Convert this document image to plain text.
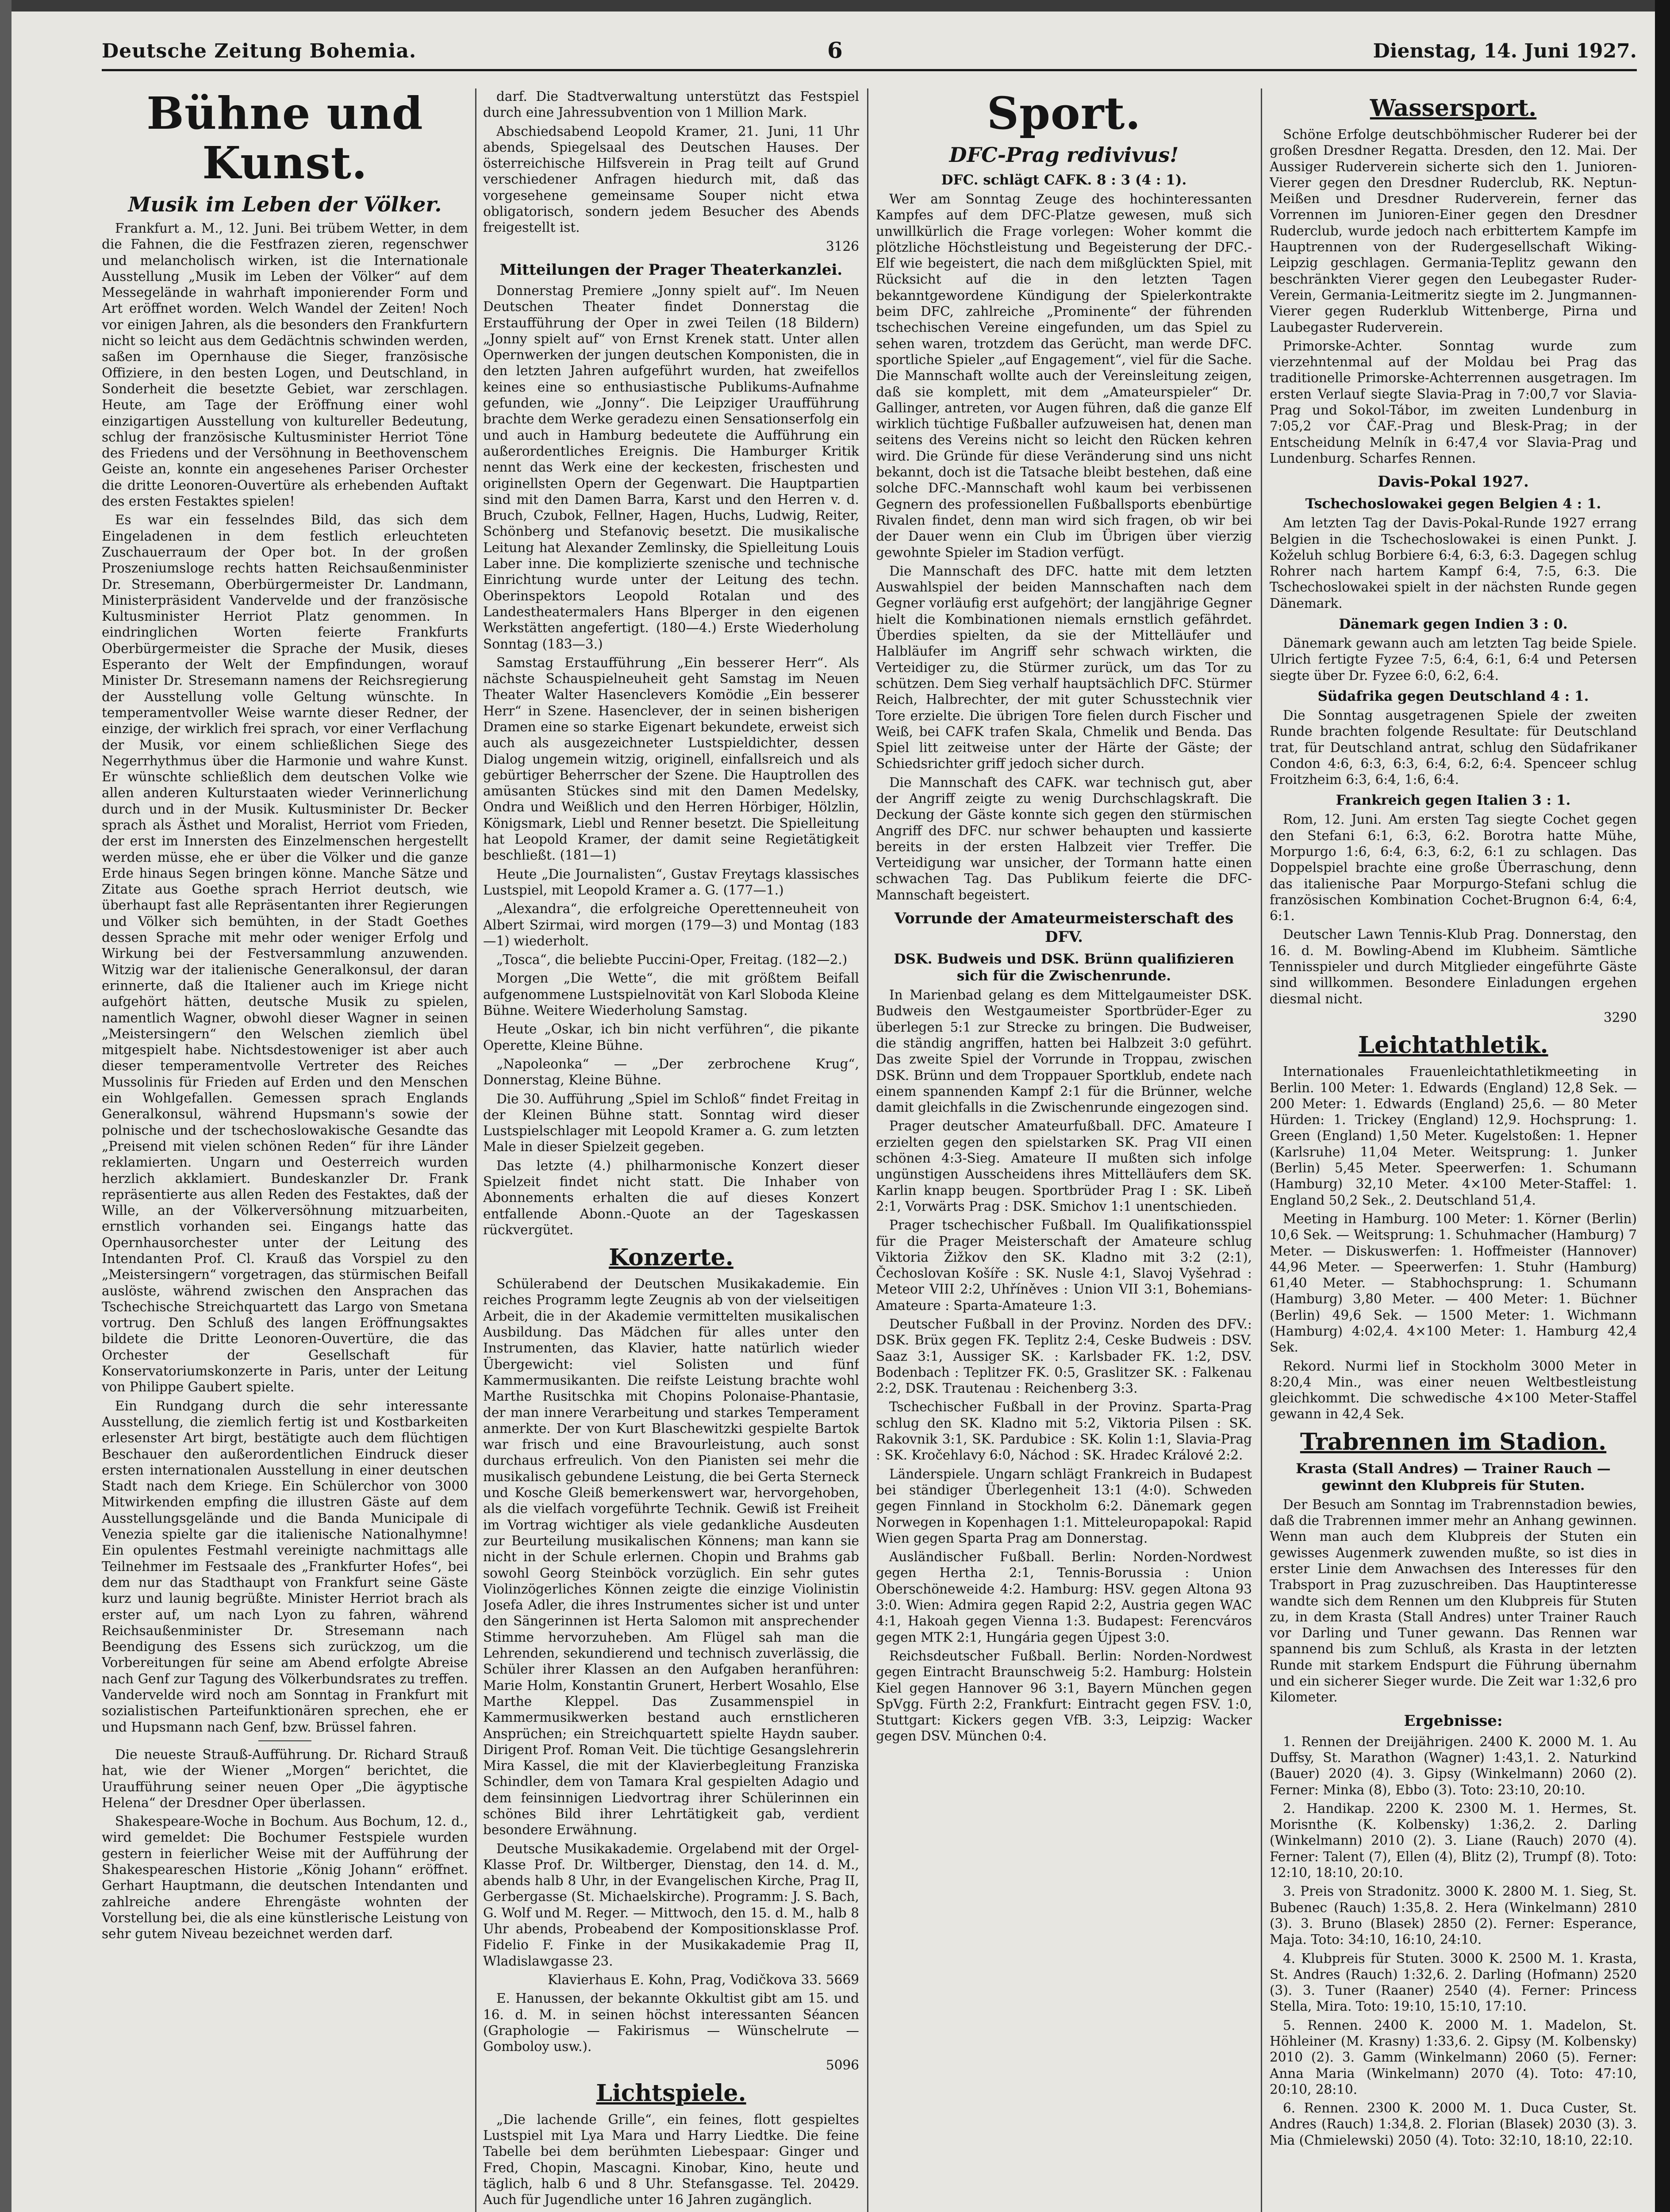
Deutsche Zeitung Bohemia.	6	Dienstag, 14. Juni 1927.
Bühne und Kunst.
Musik im Leben der Völker.

Frankfurt a. M., 12. Juni. Bei trübem Wetter, in dem die Fahnen, die die Festfrazen zieren, regenschwer und melancholisch wirken, ist die Internationale Ausstellung „Musik im Leben der Völker“ auf dem Messegelände in wahrhaft imponierender Form und Art eröffnet worden. Welch Wandel der Zeiten! Noch vor einigen Jahren, als die besonders den Frankfurtern nicht so leicht aus dem Gedächtnis schwinden werden, saßen im Opernhause die Sieger, französische Offiziere, in den besten Logen, und Deutschland, in Sonderheit die besetzte Gebiet, war zerschlagen. Heute, am Tage der Eröffnung einer wohl einzigartigen Ausstellung von kultureller Bedeutung, schlug der französische Kultusminister Herriot Töne des Friedens und der Versöhnung in Beethovenschem Geiste an, konnte ein angesehenes Pariser Orchester die dritte Leonoren-Ouvertüre als erhebenden Auftakt des ersten Festaktes spielen!

Es war ein fesselndes Bild, das sich dem Eingeladenen in dem festlich erleuchteten Zuschauerraum der Oper bot. In der großen Proszeniumsloge rechts hatten Reichsaußenminister Dr. Stresemann, Oberbürgermeister Dr. Landmann, Ministerpräsident Vandervelde und der französische Kultusminister Herriot Platz genommen. In eindringlichen Worten feierte Frankfurts Oberbürgermeister die Sprache der Musik, dieses Esperanto der Welt der Empfindungen, worauf Minister Dr. Stresemann namens der Reichsregierung der Ausstellung volle Geltung wünschte. In temperamentvoller Weise warnte dieser Redner, der einzige, der wirklich frei sprach, vor einer Verflachung der Musik, vor einem schließlichen Siege des Negerrhythmus über die Harmonie und wahre Kunst. Er wünschte schließlich dem deutschen Volke wie allen anderen Kulturstaaten wieder Verinnerlichung durch und in der Musik. Kultusminister Dr. Becker sprach als Ästhet und Moralist, Herriot vom Frieden, der erst im Innersten des Einzelmenschen hergestellt werden müsse, ehe er über die Völker und die ganze Erde hinaus Segen bringen könne. Manche Sätze und Zitate aus Goethe sprach Herriot deutsch, wie überhaupt fast alle Repräsentanten ihrer Regierungen und Völker sich bemühten, in der Stadt Goethes dessen Sprache mit mehr oder weniger Erfolg und Wirkung bei der Festversammlung anzuwenden. Witzig war der italienische Generalkonsul, der daran erinnerte, daß die Italiener auch im Kriege nicht aufgehört hätten, deutsche Musik zu spielen, namentlich Wagner, obwohl dieser Wagner in seinen „Meistersingern“ den Welschen ziemlich übel mitgespielt habe. Nichtsdestoweniger ist aber auch dieser temperamentvolle Vertreter des Reiches Mussolinis für Frieden auf Erden und den Menschen ein Wohlgefallen. Gemessen sprach Englands Generalkonsul, während Hupsmann's sowie der polnische und der tschechoslowakische Gesandte das „Preisend mit vielen schönen Reden“ für ihre Länder reklamierten. Ungarn und Oesterreich wurden herzlich akklamiert. Bundeskanzler Dr. Frank repräsentierte aus allen Reden des Festaktes, daß der Wille, an der Völkerversöhnung mitzuarbeiten, ernstlich vorhanden sei. Eingangs hatte das Opernhausorchester unter der Leitung des Intendanten Prof. Cl. Krauß das Vorspiel zu den „Meistersingern“ vorgetragen, das stürmischen Beifall auslöste, während zwischen den Ansprachen das Tschechische Streichquartett das Largo von Smetana vortrug. Den Schluß des langen Eröffnungsaktes bildete die Dritte Leonoren-Ouvertüre, die das Orchester der Gesellschaft für Konservatoriumskonzerte in Paris, unter der Leitung von Philippe Gaubert spielte.

Ein Rundgang durch die sehr interessante Ausstellung, die ziemlich fertig ist und Kostbarkeiten erlesenster Art birgt, bestätigte auch dem flüchtigen Beschauer den außerordentlichen Eindruck dieser ersten internationalen Ausstellung in einer deutschen Stadt nach dem Kriege. Ein Schülerchor von 3000 Mitwirkenden empfing die illustren Gäste auf dem Ausstellungsgelände und die Banda Municipale di Venezia spielte gar die italienische Nationalhymne! Ein opulentes Festmahl vereinigte nachmittags alle Teilnehmer im Festsaale des „Frankfurter Hofes“, bei dem nur das Stadthaupt von Frankfurt seine Gäste kurz und launig begrüßte. Minister Herriot brach als erster auf, um nach Lyon zu fahren, während Reichsaußenminister Dr. Stresemann nach Beendigung des Essens sich zurückzog, um die Vorbereitungen für seine am Abend erfolgte Abreise nach Genf zur Tagung des Völkerbundsrates zu treffen. Vandervelde wird noch am Sonntag in Frankfurt mit sozialistischen Parteifunktionären sprechen, ehe er und Hupsmann nach Genf, bzw. Brüssel fahren.

Die neueste Strauß-Aufführung. Dr. Richard Strauß hat, wie der Wiener „Morgen“ berichtet, die Uraufführung seiner neuen Oper „Die ägyptische Helena“ der Dresdner Oper überlassen.

Shakespeare-Woche in Bochum. Aus Bochum, 12. d., wird gemeldet: Die Bochumer Festspiele wurden gestern in feierlicher Weise mit der Aufführung der Shakespeareschen Historie „König Johann“ eröffnet. Gerhart Hauptmann, die deutschen Intendanten und zahlreiche andere Ehrengäste wohnten der Vorstellung bei, die als eine künstlerische Leistung von sehr gutem Niveau bezeichnet werden darf.

darf. Die Stadtverwaltung unterstützt das Festspiel durch eine Jahressubvention von 1 Million Mark.

Abschiedsabend Leopold Kramer, 21. Juni, 11 Uhr abends, Spiegelsaal des Deutschen Hauses. Der österreichische Hilfsverein in Prag teilt auf Grund verschiedener Anfragen hiedurch mit, daß das vorgesehene gemeinsame Souper nicht etwa obligatorisch, sondern jedem Besucher des Abends freigestellt ist.

3126
Mitteilungen der Prager Theaterkanzlei.

Donnerstag Premiere „Jonny spielt auf“. Im Neuen Deutschen Theater findet Donnerstag die Erstaufführung der Oper in zwei Teilen (18 Bildern) „Jonny spielt auf“ von Ernst Krenek statt. Unter allen Opernwerken der jungen deutschen Komponisten, die in den letzten Jahren aufgeführt wurden, hat zweifellos keines eine so enthusiastische Publikums-Aufnahme gefunden, wie „Jonny“. Die Leipziger Uraufführung brachte dem Werke geradezu einen Sensationserfolg ein und auch in Hamburg bedeutete die Aufführung ein außerordentliches Ereignis. Die Hamburger Kritik nennt das Werk eine der keckesten, frischesten und originellsten Opern der Gegenwart. Die Hauptpartien sind mit den Damen Barra, Karst und den Herren v. d. Bruch, Czubok, Fellner, Hagen, Huchs, Ludwig, Reiter, Schönberg und Stefanoviç besetzt. Die musikalische Leitung hat Alexander Zemlinsky, die Spielleitung Louis Laber inne. Die komplizierte szenische und technische Einrichtung wurde unter der Leitung des techn. Oberinspektors Leopold Rotalan und des Landestheatermalers Hans Blperger in den eigenen Werkstätten angefertigt. (180—4.) Erste Wiederholung Sonntag (183—3.)

Samstag Erstaufführung „Ein besserer Herr“. Als nächste Schauspielneuheit geht Samstag im Neuen Theater Walter Hasenclevers Komödie „Ein besserer Herr“ in Szene. Hasenclever, der in seinen bisherigen Dramen eine so starke Eigenart bekundete, erweist sich auch als ausgezeichneter Lustspieldichter, dessen Dialog ungemein witzig, originell, einfallsreich und als gebürtiger Beherrscher der Szene. Die Hauptrollen des amüsanten Stückes sind mit den Damen Medelsky, Ondra und Weißlich und den Herren Hörbiger, Hölzlin, Königsmark, Liebl und Renner besetzt. Die Spielleitung hat Leopold Kramer, der damit seine Regietätigkeit beschließt. (181—1)

Heute „Die Journalisten“, Gustav Freytags klassisches Lustspiel, mit Leopold Kramer a. G. (177—1.)

„Alexandra“, die erfolgreiche Operettenneuheit von Albert Szirmai, wird morgen (179—3) und Montag (183—1) wiederholt.

„Tosca“, die beliebte Puccini-Oper, Freitag. (182—2.)

Morgen „Die Wette“, die mit größtem Beifall aufgenommene Lustspielnovität von Karl Sloboda Kleine Bühne. Weitere Wiederholung Samstag.

Heute „Oskar, ich bin nicht verführen“, die pikante Operette, Kleine Bühne.

„Napoleonka“ — „Der zerbrochene Krug“, Donnerstag, Kleine Bühne.

Die 30. Aufführung „Spiel im Schloß“ findet Freitag in der Kleinen Bühne statt. Sonntag wird dieser Lustspielschlager mit Leopold Kramer a. G. zum letzten Male in dieser Spielzeit gegeben.

Das letzte (4.) philharmonische Konzert dieser Spielzeit findet nicht statt. Die Inhaber von Abonnements erhalten die auf dieses Konzert entfallende Abonn.-Quote an der Tageskassen rückvergütet.

Konzerte.

Schülerabend der Deutschen Musikakademie. Ein reiches Programm legte Zeugnis ab von der vielseitigen Arbeit, die in der Akademie vermittelten musikalischen Ausbildung. Das Mädchen für alles unter den Instrumenten, das Klavier, hatte natürlich wieder Übergewicht: viel Solisten und fünf Kammermusikanten. Die reifste Leistung brachte wohl Marthe Rusitschka mit Chopins Polonaise-Phantasie, der man innere Verarbeitung und starkes Temperament anmerkte. Der von Kurt Blaschewitzki gespielte Bartok war frisch und eine Bravourleistung, auch sonst durchaus erfreulich. Von den Pianisten sei mehr die musikalisch gebundene Leistung, die bei Gerta Sterneck und Kosche Gleiß bemerkenswert war, hervorgehoben, als die vielfach vorgeführte Technik. Gewiß ist Freiheit im Vortrag wichtiger als viele gedankliche Ausdeuten zur Beurteilung musikalischen Könnens; man kann sie nicht in der Schule erlernen. Chopin und Brahms gab sowohl Georg Steinböck vorzüglich. Ein sehr gutes Violinzögerliches Können zeigte die einzige Violinistin Josefa Adler, die ihres Instrumentes sicher ist und unter den Sängerinnen ist Herta Salomon mit ansprechender Stimme hervorzuheben. Am Flügel sah man die Lehrenden, sekundierend und technisch zuverlässig, die Schüler ihrer Klassen an den Aufgaben heranführen: Marie Holm, Konstantin Grunert, Herbert Wosahlo, Else Marthe Kleppel. Das Zusammenspiel in Kammermusikwerken bestand auch ernstlicheren Ansprüchen; ein Streichquartett spielte Haydn sauber. Dirigent Prof. Roman Veit. Die tüchtige Gesangslehrerin Mira Kassel, die mit der Klavierbegleitung Franziska Schindler, dem von Tamara Kral gespielten Adagio und dem feinsinnigen Liedvortrag ihrer Schülerinnen ein schönes Bild ihrer Lehrtätigkeit gab, verdient besondere Erwähnung.

Deutsche Musikakademie. Orgelabend mit der Orgel-Klasse Prof. Dr. Wiltberger, Dienstag, den 14. d. M., abends halb 8 Uhr, in der Evangelischen Kirche, Prag II, Gerbergasse (St. Michaelskirche). Programm: J. S. Bach, G. Wolf und M. Reger. — Mittwoch, den 15. d. M., halb 8 Uhr abends, Probeabend der Kompositionsklasse Prof. Fidelio F. Finke in der Musikakademie Prag II, Wladislawgasse 23.

Klavierhaus E. Kohn, Prag, Vodičkova 33. 5669

E. Hanussen, der bekannte Okkultist gibt am 15. und 16. d. M. in seinen höchst interessanten Séancen (Graphologie — Fakirismus — Wünschelrute — Gomboloy usw.).

5096
Lichtspiele.

„Die lachende Grille“, ein feines, flott gespieltes Lustspiel mit Lya Mara und Harry Liedtke. Die feine Tabelle bei dem berühmten Liebespaar: Ginger und Fred, Chopin, Mascagni. Kinobar, Kino, heute und täglich, halb 6 und 8 Uhr. Stefansgasse. Tel. 20429. Auch für Jugendliche unter 16 Jahren zugänglich.

Sport.
DFC-Prag redivivus!
DFC. schlägt CAFK. 8 : 3 (4 : 1).

Wer am Sonntag Zeuge des hochinteressanten Kampfes auf dem DFC-Platze gewesen, muß sich unwillkürlich die Frage vorlegen: Woher kommt die plötzliche Höchstleistung und Begeisterung der DFC.-Elf wie begeistert, die nach dem mißglückten Spiel, mit Rücksicht auf die in den letzten Tagen bekanntgewordene Kündigung der Spielerkontrakte beim DFC, zahlreiche „Prominente“ der führenden tschechischen Vereine eingefunden, um das Spiel zu sehen waren, trotzdem das Gerücht, man werde DFC. sportliche Spieler „auf Engagement“, viel für die Sache. Die Mannschaft wollte auch der Vereinsleitung zeigen, daß sie komplett, mit dem „Amateurspieler“ Dr. Gallinger, antreten, vor Augen führen, daß die ganze Elf wirklich tüchtige Fußballer aufzuweisen hat, denen man seitens des Vereins nicht so leicht den Rücken kehren wird. Die Gründe für diese Veränderung sind uns nicht bekannt, doch ist die Tatsache bleibt bestehen, daß eine solche DFC.-Mannschaft wohl kaum bei verbissenen Gegnern des professionellen Fußballsports ebenbürtige Rivalen findet, denn man wird sich fragen, ob wir bei der Dauer wenn ein Club im Übrigen über vierzig gewohnte Spieler im Stadion verfügt.

Die Mannschaft des DFC. hatte mit dem letzten Auswahlspiel der beiden Mannschaften nach dem Gegner vorläufig erst aufgehört; der langjährige Gegner hielt die Kombinationen niemals ernstlich gefährdet. Überdies spielten, da sie der Mittelläufer und Halbläufer im Angriff sehr schwach wirkten, die Verteidiger zu, die Stürmer zurück, um das Tor zu schützen. Dem Sieg verhalf hauptsächlich DFC. Stürmer Reich, Halbrechter, der mit guter Schusstechnik vier Tore erzielte. Die übrigen Tore fielen durch Fischer und Weiß, bei CAFK trafen Skala, Chmelik und Benda. Das Spiel litt zeitweise unter der Härte der Gäste; der Schiedsrichter griff jedoch sicher durch.

Die Mannschaft des CAFK. war technisch gut, aber der Angriff zeigte zu wenig Durchschlagskraft. Die Deckung der Gäste konnte sich gegen den stürmischen Angriff des DFC. nur schwer behaupten und kassierte bereits in der ersten Halbzeit vier Treffer. Die Verteidigung war unsicher, der Tormann hatte einen schwachen Tag. Das Publikum feierte die DFC-Mannschaft begeistert.

Vorrunde der Amateurmeisterschaft des DFV.
DSK. Budweis und DSK. Brünn qualifizieren sich für die Zwischenrunde.

In Marienbad gelang es dem Mittelgaumeister DSK. Budweis den Westgaumeister Sportbrüder-Eger zu überlegen 5:1 zur Strecke zu bringen. Die Budweiser, die ständig angriffen, hatten bei Halbzeit 3:0 geführt. Das zweite Spiel der Vorrunde in Troppau, zwischen DSK. Brünn und dem Troppauer Sportklub, endete nach einem spannenden Kampf 2:1 für die Brünner, welche damit gleichfalls in die Zwischenrunde eingezogen sind.

Prager deutscher Amateurfußball. DFC. Amateure I erzielten gegen den spielstarken SK. Prag VII einen schönen 4:3-Sieg. Amateure II mußten sich infolge ungünstigen Ausscheidens ihres Mittelläufers dem SK. Karlin knapp beugen. Sportbrüder Prag I : SK. Libeň 2:1, Vorwärts Prag : DSK. Smichov 1:1 unentschieden.

Prager tschechischer Fußball. Im Qualifikationsspiel für die Prager Meisterschaft der Amateure schlug Viktoria Žižkov den SK. Kladno mit 3:2 (2:1), Čechoslovan Košíře : SK. Nusle 4:1, Slavoj Vyšehrad : Meteor VIII 2:2, Uhříněves : Union VII 3:1, Bohemians-Amateure : Sparta-Amateure 1:3.

Deutscher Fußball in der Provinz. Norden des DFV.: DSK. Brüx gegen FK. Teplitz 2:4, Ceske Budweis : DSV. Saaz 3:1, Aussiger SK. : Karlsbader FK. 1:2, DSV. Bodenbach : Teplitzer FK. 0:5, Graslitzer SK. : Falkenau 2:2, DSK. Trautenau : Reichenberg 3:3.

Tschechischer Fußball in der Provinz. Sparta-Prag schlug den SK. Kladno mit 5:2, Viktoria Pilsen : SK. Rakovnik 3:1, SK. Pardubice : SK. Kolin 1:1, Slavia-Prag : SK. Kročehlavy 6:0, Náchod : SK. Hradec Králové 2:2.

Länderspiele. Ungarn schlägt Frankreich in Budapest bei ständiger Überlegenheit 13:1 (4:0). Schweden gegen Finnland in Stockholm 6:2. Dänemark gegen Norwegen in Kopenhagen 1:1. Mitteleuropapokal: Rapid Wien gegen Sparta Prag am Donnerstag.

Ausländischer Fußball. Berlin: Norden-Nordwest gegen Hertha 2:1, Tennis-Borussia : Union Oberschöneweide 4:2. Hamburg: HSV. gegen Altona 93 3:0. Wien: Admira gegen Rapid 2:2, Austria gegen WAC 4:1, Hakoah gegen Vienna 1:3. Budapest: Ferencváros gegen MTK 2:1, Hungária gegen Újpest 3:0.

Reichsdeutscher Fußball. Berlin: Norden-Nordwest gegen Eintracht Braunschweig 5:2. Hamburg: Holstein Kiel gegen Hannover 96 3:1, Bayern München gegen SpVgg. Fürth 2:2, Frankfurt: Eintracht gegen FSV. 1:0, Stuttgart: Kickers gegen VfB. 3:3, Leipzig: Wacker gegen DSV. München 0:4.

Wassersport.

Schöne Erfolge deutschböhmischer Ruderer bei der großen Dresdner Regatta. Dresden, den 12. Mai. Der Aussiger Ruderverein sicherte sich den 1. Junioren-Vierer gegen den Dresdner Ruderclub, RK. Neptun-Meißen und Dresdner Ruderverein, ferner das Vorrennen im Junioren-Einer gegen den Dresdner Ruderclub, wurde jedoch nach erbittertem Kampfe im Hauptrennen von der Rudergesellschaft Wiking-Leipzig geschlagen. Germania-Teplitz gewann den beschränkten Vierer gegen den Leubegaster Ruder-Verein, Germania-Leitmeritz siegte im 2. Jungmannen-Vierer gegen Ruderklub Wittenberge, Pirna und Laubegaster Ruderverein.

Primorske-Achter. Sonntag wurde zum vierzehntenmal auf der Moldau bei Prag das traditionelle Primorske-Achterrennen ausgetragen. Im ersten Verlauf siegte Slavia-Prag in 7:00,7 vor Slavia-Prag und Sokol-Tábor, im zweiten Lundenburg in 7:05,2 vor ČAF.-Prag und Blesk-Prag; in der Entscheidung Melník in 6:47,4 vor Slavia-Prag und Lundenburg. Scharfes Rennen.

Davis-Pokal 1927.
Tschechoslowakei gegen Belgien 4 : 1.

Am letzten Tag der Davis-Pokal-Runde 1927 errang Belgien in die Tschechoslowakei is einen Punkt. J. Koželuh schlug Borbiere 6:4, 6:3, 6:3. Dagegen schlug Rohrer nach hartem Kampf 6:4, 7:5, 6:3. Die Tschechoslowakei spielt in der nächsten Runde gegen Dänemark.

Dänemark gegen Indien 3 : 0.

Dänemark gewann auch am letzten Tag beide Spiele. Ulrich fertigte Fyzee 7:5, 6:4, 6:1, 6:4 und Petersen siegte über Dr. Fyzee 6:0, 6:2, 6:4.

Südafrika gegen Deutschland 4 : 1.

Die Sonntag ausgetragenen Spiele der zweiten Runde brachten folgende Resultate: für Deutschland trat, für Deutschland antrat, schlug den Südafrikaner Condon 4:6, 6:3, 6:3, 6:4, 6:2, 6:4. Spenceer schlug Froitzheim 6:3, 6:4, 1:6, 6:4.

Frankreich gegen Italien 3 : 1.

Rom, 12. Juni. Am ersten Tag siegte Cochet gegen den Stefani 6:1, 6:3, 6:2. Borotra hatte Mühe, Morpurgo 1:6, 6:4, 6:3, 6:2, 6:1 zu schlagen. Das Doppelspiel brachte eine große Überraschung, denn das italienische Paar Morpurgo-Stefani schlug die französischen Kombination Cochet-Brugnon 6:4, 6:4, 6:1.

Deutscher Lawn Tennis-Klub Prag. Donnerstag, den 16. d. M. Bowling-Abend im Klubheim. Sämtliche Tennisspieler und durch Mitglieder eingeführte Gäste sind willkommen. Besondere Einladungen ergehen diesmal nicht.

3290
Leichtathletik.

Internationales Frauenleichtathletikmeeting in Berlin. 100 Meter: 1. Edwards (England) 12,8 Sek. — 200 Meter: 1. Edwards (England) 25,6. — 80 Meter Hürden: 1. Trickey (England) 12,9. Hochsprung: 1. Green (England) 1,50 Meter. Kugelstoßen: 1. Hepner (Karlsruhe) 11,04 Meter. Weitsprung: 1. Junker (Berlin) 5,45 Meter. Speerwerfen: 1. Schumann (Hamburg) 32,10 Meter. 4×100 Meter-Staffel: 1. England 50,2 Sek., 2. Deutschland 51,4.

Meeting in Hamburg. 100 Meter: 1. Körner (Berlin) 10,6 Sek. — Weitsprung: 1. Schuhmacher (Hamburg) 7 Meter. — Diskuswerfen: 1. Hoffmeister (Hannover) 44,96 Meter. — Speerwerfen: 1. Stuhr (Hamburg) 61,40 Meter. — Stabhochsprung: 1. Schumann (Hamburg) 3,80 Meter. — 400 Meter: 1. Büchner (Berlin) 49,6 Sek. — 1500 Meter: 1. Wichmann (Hamburg) 4:02,4. 4×100 Meter: 1. Hamburg 42,4 Sek.

Rekord. Nurmi lief in Stockholm 3000 Meter in 8:20,4 Min., was einer neuen Weltbestleistung gleichkommt. Die schwedische 4×100 Meter-Staffel gewann in 42,4 Sek.

Trabrennen im Stadion.
Krasta (Stall Andres) — Trainer Rauch — gewinnt den Klubpreis für Stuten.

Der Besuch am Sonntag im Trabrennstadion bewies, daß die Trabrennen immer mehr an Anhang gewinnen. Wenn man auch dem Klubpreis der Stuten ein gewisses Augenmerk zuwenden mußte, so ist dies in erster Linie dem Anwachsen des Interesses für den Trabsport in Prag zuzuschreiben. Das Hauptinteresse wandte sich dem Rennen um den Klubpreis für Stuten zu, in dem Krasta (Stall Andres) unter Trainer Rauch vor Darling und Tuner gewann. Das Rennen war spannend bis zum Schluß, als Krasta in der letzten Runde mit starkem Endspurt die Führung übernahm und ein sicherer Sieger wurde. Die Zeit war 1:32,6 pro Kilometer.

Ergebnisse:

1. Rennen der Dreijährigen. 2400 K. 2000 M. 1. Au Duffsy, St. Marathon (Wagner) 1:43,1. 2. Naturkind (Bauer) 2020 (4). 3. Gipsy (Winkelmann) 2060 (2). Ferner: Minka (8), Ebbo (3). Toto: 23:10, 20:10.

2. Handikap. 2200 K. 2300 M. 1. Hermes, St. Morisnthe (K. Kolbensky) 1:36,2. 2. Darling (Winkelmann) 2010 (2). 3. Liane (Rauch) 2070 (4). Ferner: Talent (7), Ellen (4), Blitz (2), Trumpf (8). Toto: 12:10, 18:10, 20:10.

3. Preis von Stradonitz. 3000 K. 2800 M. 1. Sieg, St. Bubenec (Rauch) 1:35,8. 2. Hera (Winkelmann) 2810 (3). 3. Bruno (Blasek) 2850 (2). Ferner: Esperance, Maja. Toto: 34:10, 16:10, 24:10.

4. Klubpreis für Stuten. 3000 K. 2500 M. 1. Krasta, St. Andres (Rauch) 1:32,6. 2. Darling (Hofmann) 2520 (3). 3. Tuner (Raaner) 2540 (4). Ferner: Princess Stella, Mira. Toto: 19:10, 15:10, 17:10.

5. Rennen. 2400 K. 2000 M. 1. Madelon, St. Höhleiner (M. Krasny) 1:33,6. 2. Gipsy (M. Kolbensky) 2010 (2). 3. Gamm (Winkelmann) 2060 (5). Ferner: Anna Maria (Winkelmann) 2070 (4). Toto: 47:10, 20:10, 28:10.

6. Rennen. 2300 K. 2000 M. 1. Duca Custer, St. Andres (Rauch) 1:34,8. 2. Florian (Blasek) 2030 (3). 3. Mia (Chmielewski) 2050 (4). Toto: 32:10, 18:10, 22:10.
